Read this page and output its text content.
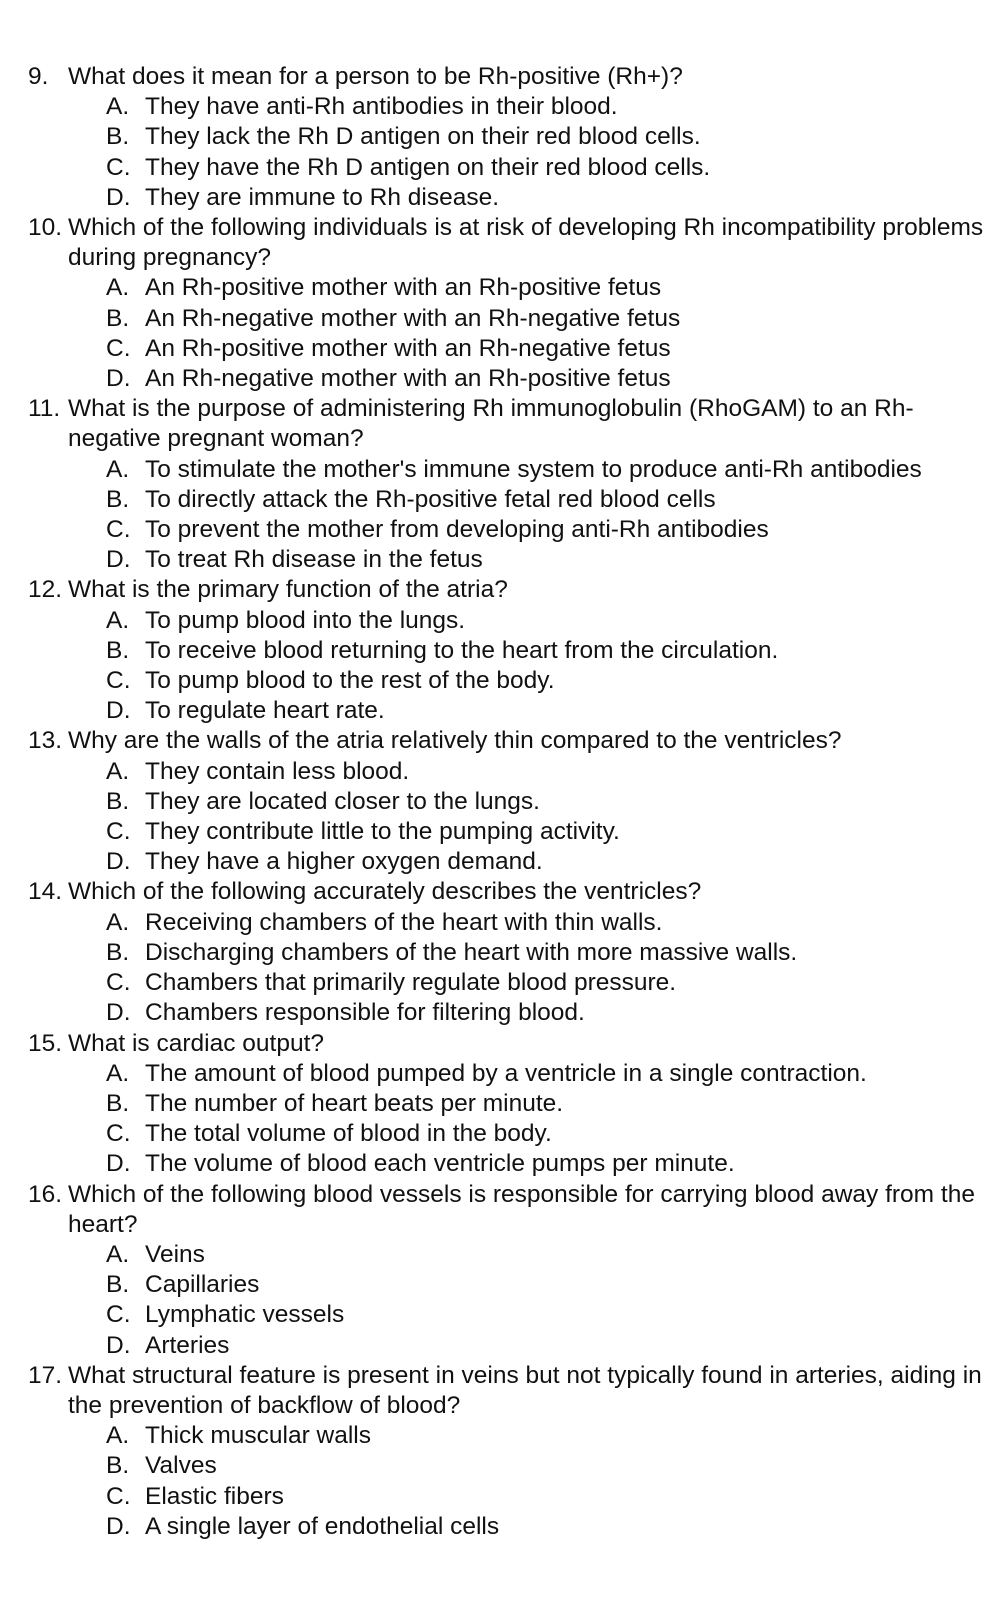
9. What does it mean for a person to be Rh-positive (Rh+)?
A. They have anti-Rh antibodies in their blood.
B. They lack the Rh D antigen on their red blood cells.
C. They have the Rh D antigen on their red blood cells.
D. They are immune to Rh disease.
10. Which of the following individuals is at risk of developing Rh incompatibility problems during pregnancy?
A. An Rh-positive mother with an Rh-positive fetus
B. An Rh-negative mother with an Rh-negative fetus
C. An Rh-positive mother with an Rh-negative fetus
D. An Rh-negative mother with an Rh-positive fetus
11. What is the purpose of administering Rh immunoglobulin (RhoGAM) to an Rh-negative pregnant woman?
A. To stimulate the mother's immune system to produce anti-Rh antibodies
B. To directly attack the Rh-positive fetal red blood cells
C. To prevent the mother from developing anti-Rh antibodies
D. To treat Rh disease in the fetus
12. What is the primary function of the atria?
A. To pump blood into the lungs.
B. To receive blood returning to the heart from the circulation.
C. To pump blood to the rest of the body.
D. To regulate heart rate.
13. Why are the walls of the atria relatively thin compared to the ventricles?
A. They contain less blood.
B. They are located closer to the lungs.
C. They contribute little to the pumping activity.
D. They have a higher oxygen demand.
14. Which of the following accurately describes the ventricles?
A. Receiving chambers of the heart with thin walls.
B. Discharging chambers of the heart with more massive walls.
C. Chambers that primarily regulate blood pressure.
D. Chambers responsible for filtering blood.
15. What is cardiac output?
A. The amount of blood pumped by a ventricle in a single contraction.
B. The number of heart beats per minute.
C. The total volume of blood in the body.
D. The volume of blood each ventricle pumps per minute.
16. Which of the following blood vessels is responsible for carrying blood away from the heart?
A. Veins
B. Capillaries
C. Lymphatic vessels
D. Arteries
17. What structural feature is present in veins but not typically found in arteries, aiding in the prevention of backflow of blood?
A. Thick muscular walls
B. Valves
C. Elastic fibers
D. A single layer of endothelial cells
